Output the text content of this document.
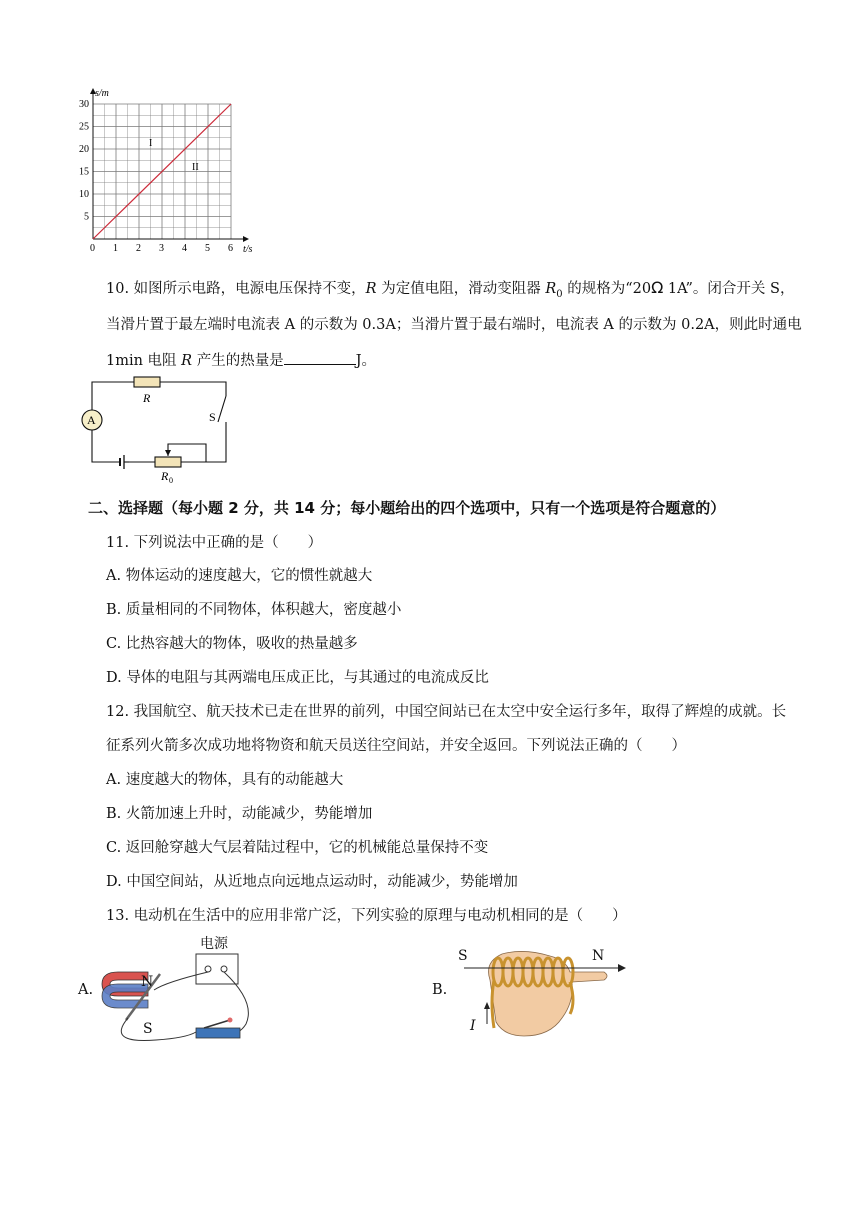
0 1 2 3 4 5 6
5
10
15
20
25
30
I
II
s/m
t/s
10. 如图所示电路，电源电压保持不变，R 为定值电阻，滑动变阻器 $R_0$ 的规格为“20Ω 1A”。闭合开关 S，
当滑片置于最左端时电流表 A 的示数为 0.3A；当滑片置于最右端时，电流表 A 的示数为 0.2A，则此时通电
1min 电阻 R 产生的热量是	J。
A
R
S
R 0
二、选择题（每小题 2 分，共 14 分；每小题给出的四个选项中，只有一个选项是符合题意的）
11. 下列说法中正确的是（　　）
A. 物体运动的速度越大，它的惯性就越大
B. 质量相同的不同物体，体积越大，密度越小
C. 比热容越大的物体，吸收的热量越多
D. 导体的电阻与其两端电压成正比，与其通过的电流成反比
12. 我国航空、航天技术已走在世界的前列，中国空间站已在太空中安全运行多年，取得了辉煌的成就。长
征系列火箭多次成功地将物资和航天员送往空间站，并安全返回。下列说法正确的（　　）
A. 速度越大的物体，具有的动能越大
B. 火箭加速上升时，动能减少，势能增加
C. 返回舱穿越大气层着陆过程中，它的机械能总量保持不变
D. 中国空间站，从近地点向远地点运动时，动能减少，势能增加
13. 电动机在生活中的应用非常广泛，下列实验的原理与电动机相同的是（　　）
A.
电源
N
S
B.
S	N
I
